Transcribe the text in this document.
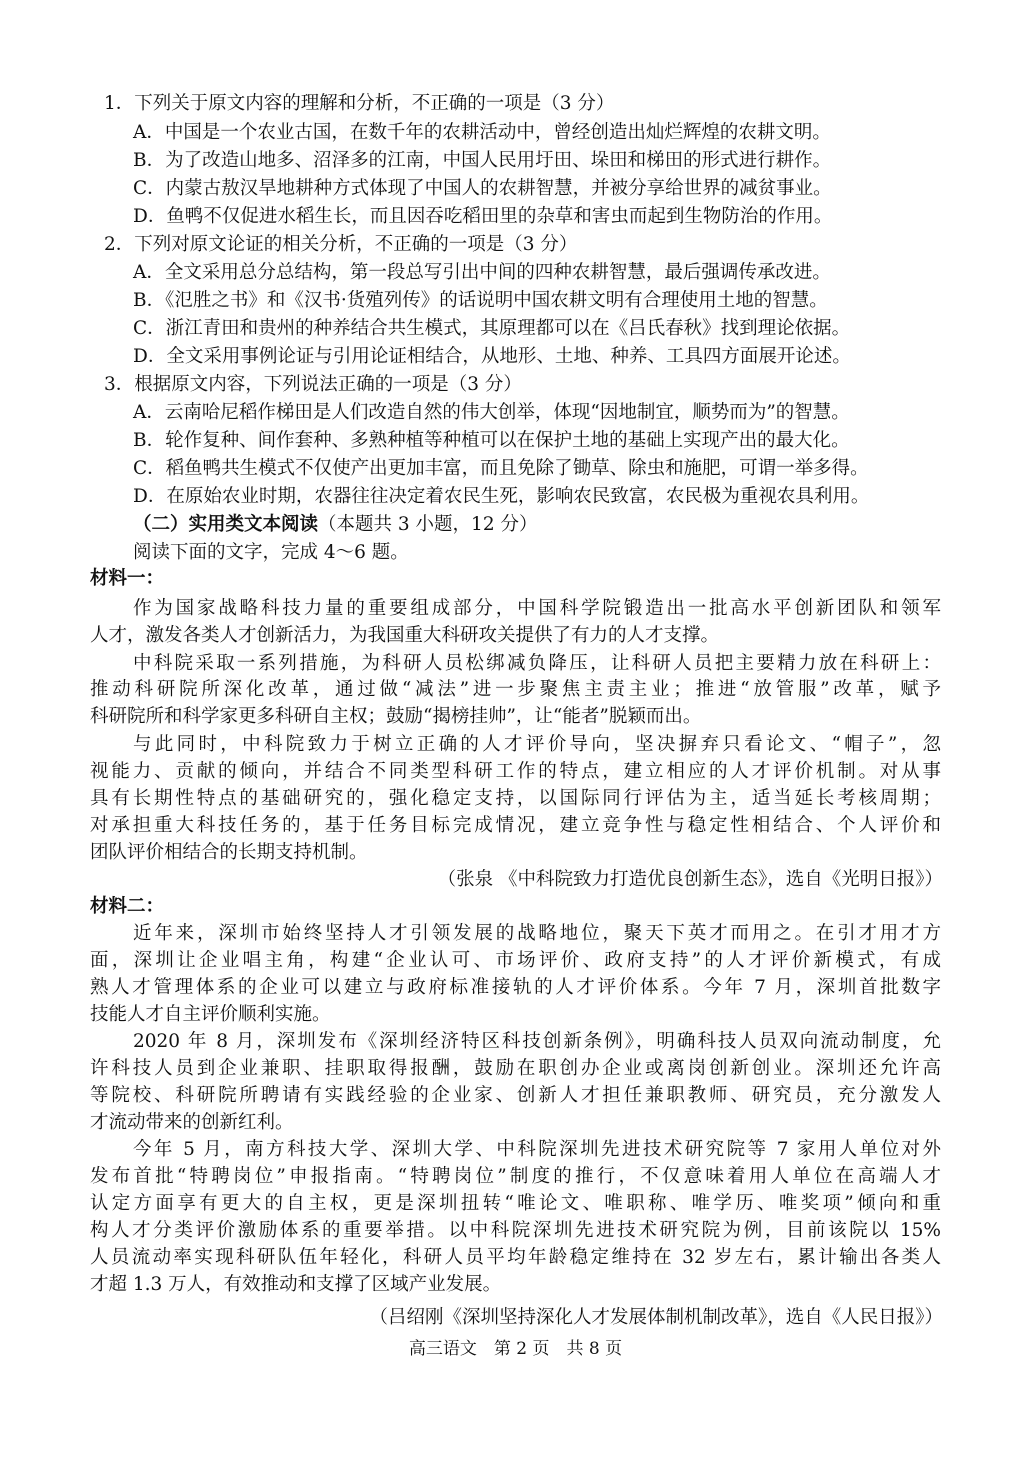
1．下列关于原文内容的理解和分析，不正确的一项是（3 分）
A．中国是一个农业古国，在数千年的农耕活动中，曾经创造出灿烂辉煌的农耕文明。
B．为了改造山地多、沼泽多的江南，中国人民用圩田、垛田和梯田的形式进行耕作。
C．内蒙古敖汉旱地耕种方式体现了中国人的农耕智慧，并被分享给世界的减贫事业。
D．鱼鸭不仅促进水稻生长，而且因吞吃稻田里的杂草和害虫而起到生物防治的作用。
2．下列对原文论证的相关分析，不正确的一项是（3 分）
A．全文采用总分总结构，第一段总写引出中间的四种农耕智慧，最后强调传承改进。
B．《氾胜之书》和《汉书·货殖列传》的话说明中国农耕文明有合理使用土地的智慧。
C．浙江青田和贵州的种养结合共生模式，其原理都可以在《吕氏春秋》找到理论依据。
D．全文采用事例论证与引用论证相结合，从地形、土地、种养、工具四方面展开论述。
3．根据原文内容，下列说法正确的一项是（3 分）
A．云南哈尼稻作梯田是人们改造自然的伟大创举，体现“因地制宜，顺势而为”的智慧。
B．轮作复种、间作套种、多熟种植等种植可以在保护土地的基础上实现产出的最大化。
C．稻鱼鸭共生模式不仅使产出更加丰富，而且免除了锄草、除虫和施肥，可谓一举多得。
D．在原始农业时期，农器往往决定着农民生死，影响农民致富，农民极为重视农具利用。
（二）实用类文本阅读（本题共 3 小题，12 分）
阅读下面的文字，完成 4～6 题。
材料一：
作为国家战略科技力量的重要组成部分，中国科学院锻造出一批高水平创新团队和领军
人才，激发各类人才创新活力，为我国重大科研攻关提供了有力的人才支撑。
中科院采取一系列措施，为科研人员松绑减负降压，让科研人员把主要精力放在科研上：
推动科研院所深化改革，通过做“减法”进一步聚焦主责主业；推进“放管服”改革，赋予
科研院所和科学家更多科研自主权；鼓励“揭榜挂帅”，让“能者”脱颖而出。
与此同时，中科院致力于树立正确的人才评价导向，坚决摒弃只看论文、“帽子”，忽
视能力、贡献的倾向，并结合不同类型科研工作的特点，建立相应的人才评价机制。对从事
具有长期性特点的基础研究的，强化稳定支持，以国际同行评估为主，适当延长考核周期；
对承担重大科技任务的，基于任务目标完成情况，建立竞争性与稳定性相结合、个人评价和
团队评价相结合的长期支持机制。
（张泉 《中科院致力打造优良创新生态》，选自《光明日报》）
材料二：
近年来，深圳市始终坚持人才引领发展的战略地位，聚天下英才而用之。在引才用才方
面，深圳让企业唱主角，构建“企业认可、市场评价、政府支持”的人才评价新模式，有成
熟人才管理体系的企业可以建立与政府标准接轨的人才评价体系。今年 7 月，深圳首批数字
技能人才自主评价顺利实施。
2020 年 8 月，深圳发布《深圳经济特区科技创新条例》，明确科技人员双向流动制度，允
许科技人员到企业兼职、挂职取得报酬，鼓励在职创办企业或离岗创新创业。深圳还允许高
等院校、科研院所聘请有实践经验的企业家、创新人才担任兼职教师、研究员，充分激发人
才流动带来的创新红利。
今年 5 月，南方科技大学、深圳大学、中科院深圳先进技术研究院等 7 家用人单位对外
发布首批“特聘岗位”申报指南。“特聘岗位”制度的推行，不仅意味着用人单位在高端人才
认定方面享有更大的自主权，更是深圳扭转“唯论文、唯职称、唯学历、唯奖项”倾向和重
构人才分类评价激励体系的重要举措。以中科院深圳先进技术研究院为例，目前该院以 15%
人员流动率实现科研队伍年轻化，科研人员平均年龄稳定维持在 32 岁左右，累计输出各类人
才超 1.3 万人，有效推动和支撑了区域产业发展。
（吕绍刚《深圳坚持深化人才发展体制机制改革》，选自《人民日报》）
高三语文　第 2 页　共 8 页
